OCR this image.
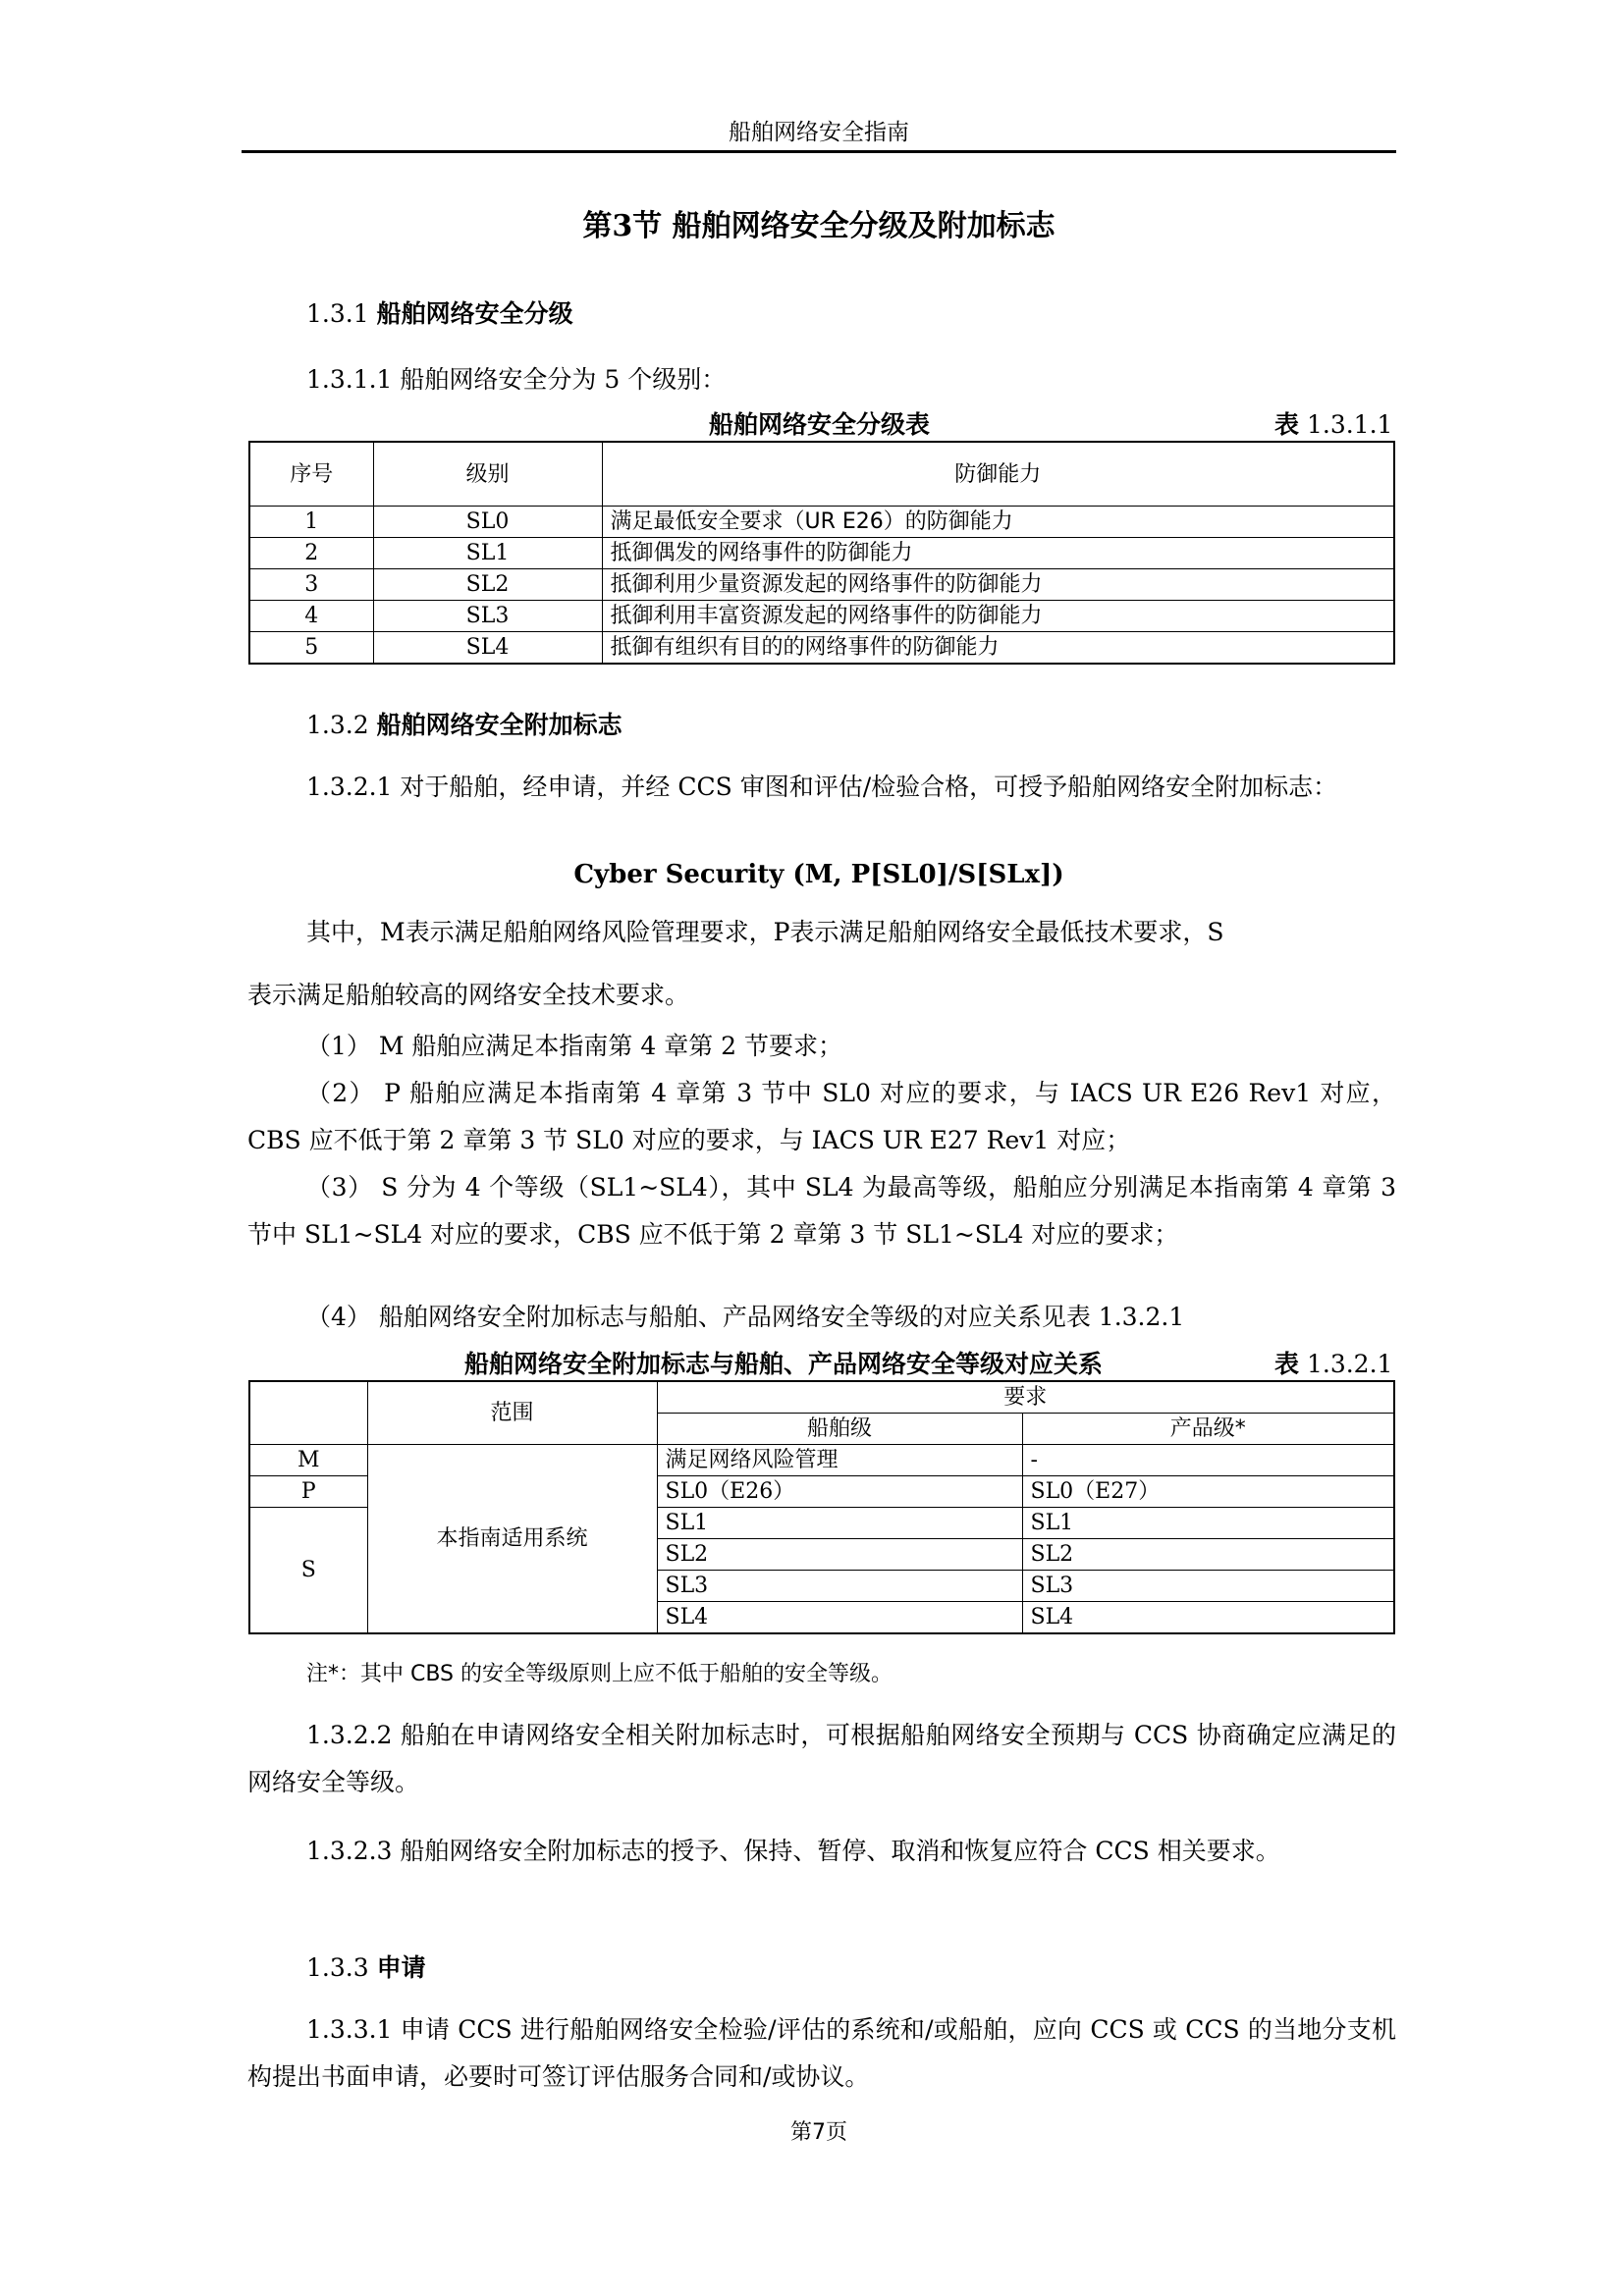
船舶网络安全指南
第3节 船舶网络安全分级及附加标志
1.3.1 船舶网络安全分级
1.3.1.1 船舶网络安全分为 5 个级别：
船舶网络安全分级表	表 1.3.1.1
序号	级别	防御能力
1	SL0	满足最低安全要求（UR E26）的防御能力
2	SL1	抵御偶发的网络事件的防御能力
3	SL2	抵御利用少量资源发起的网络事件的防御能力
4	SL3	抵御利用丰富资源发起的网络事件的防御能力
5	SL4	抵御有组织有目的的网络事件的防御能力
1.3.2 船舶网络安全附加标志
1.3.2.1 对于船舶，经申请，并经 CCS 审图和评估/检验合格，可授予船舶网络安全附加标志：
Cyber Security (M, P[SL0]/S[SLx])
其中，M表示满足船舶网络风险管理要求，P表示满足船舶网络安全最低技术要求，S
表示满足船舶较高的网络安全技术要求。
（1） M 船舶应满足本指南第 4 章第 2 节要求；
（2） P 船舶应满足本指南第 4 章第 3 节中 SL0 对应的要求，与 IACS UR E26 Rev1 对应，CBS 应不低于第 2 章第 3 节 SL0 对应的要求，与 IACS UR E27 Rev1 对应；
（3） S 分为 4 个等级（SL1~SL4），其中 SL4 为最高等级，船舶应分别满足本指南第 4 章第 3 节中 SL1~SL4 对应的要求，CBS 应不低于第 2 章第 3 节 SL1~SL4 对应的要求；
（4） 船舶网络安全附加标志与船舶、产品网络安全等级的对应关系见表 1.3.2.1
船舶网络安全附加标志与船舶、产品网络安全等级对应关系	表 1.3.2.1
	范围	要求	
		船舶级	产品级*
M	本指南适用系统	满足网络风险管理	-
P		SL0（E26）	SL0（E27）
S		SL1	SL1
		SL2	SL2
		SL3	SL3
		SL4	SL4
注*：其中 CBS 的安全等级原则上应不低于船舶的安全等级。
1.3.2.2 船舶在申请网络安全相关附加标志时，可根据船舶网络安全预期与 CCS 协商确定应满足的网络安全等级。
1.3.2.3 船舶网络安全附加标志的授予、保持、暂停、取消和恢复应符合 CCS 相关要求。
1.3.3 申请
1.3.3.1 申请 CCS 进行船舶网络安全检验/评估的系统和/或船舶，应向 CCS 或 CCS 的当地分支机构提出书面申请，必要时可签订评估服务合同和/或协议。
第7页
